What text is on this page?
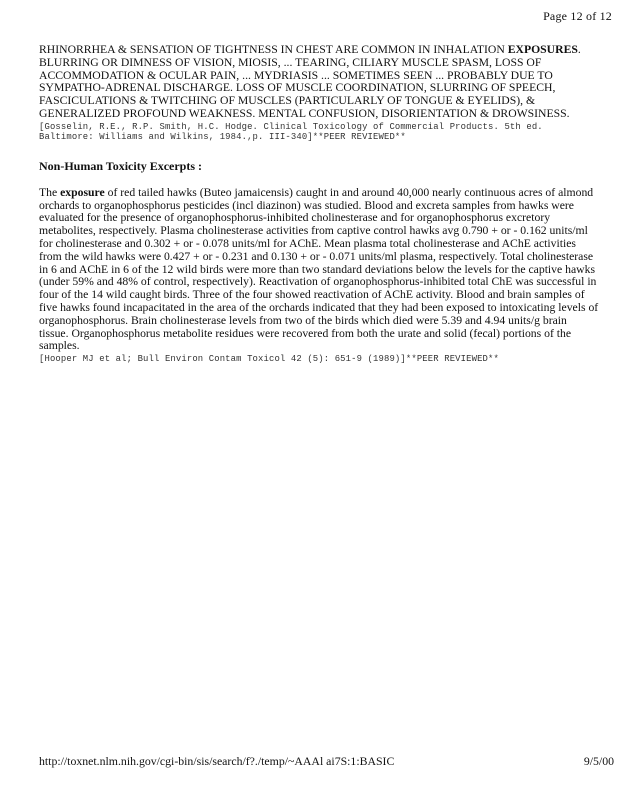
Page 12 of 12

RHINORRHEA & SENSATION OF TIGHTNESS IN CHEST ARE COMMON IN INHALATION EXPOSURES. BLURRING OR DIMNESS OF VISION, MIOSIS, ... TEARING, CILIARY MUSCLE SPASM, LOSS OF ACCOMMODATION & OCULAR PAIN, ... MYDRIASIS ... SOMETIMES SEEN ... PROBABLY DUE TO SYMPATHO-ADRENAL DISCHARGE. LOSS OF MUSCLE COORDINATION, SLURRING OF SPEECH, FASCICULATIONS & TWITCHING OF MUSCLES (PARTICULARLY OF TONGUE & EYELIDS), & GENERALIZED PROFOUND WEAKNESS. MENTAL CONFUSION, DISORIENTATION & DROWSINESS.

[Gosselin, R.E., R.P. Smith, H.C. Hodge. Clinical Toxicology of Commercial Products. 5th ed. Baltimore: Williams and Wilkins, 1984.,p. III-340]**PEER REVIEWED**

Non-Human Toxicity Excerpts :

The exposure of red tailed hawks (Buteo jamaicensis) caught in and around 40,000 nearly continuous acres of almond orchards to organophosphorus pesticides (incl diazinon) was studied. Blood and excreta samples from hawks were evaluated for the presence of organophosphorus-inhibited cholinesterase and for organophosphorus excretory metabolites, respectively. Plasma cholinesterase activities from captive control hawks avg 0.790 + or - 0.162 units/ml for cholinesterase and 0.302 + or - 0.078 units/ml for AChE. Mean plasma total cholinesterase and AChE activities from the wild hawks were 0.427 + or - 0.231 and 0.130 + or - 0.071 units/ml plasma, respectively. Total cholinesterase in 6 and AChE in 6 of the 12 wild birds were more than two standard deviations below the levels for the captive hawks (under 59% and 48% of control, respectively). Reactivation of organophosphorus-inhibited total ChE was successful in four of the 14 wild caught birds. Three of the four showed reactivation of AChE activity. Blood and brain samples of five hawks found incapacitated in the area of the orchards indicated that they had been exposed to intoxicating levels of organophosphorus. Brain cholinesterase levels from two of the birds which died were 5.39 and 4.94 units/g brain tissue. Organophosphorus metabolite residues were recovered from both the urate and solid (fecal) portions of the samples.

[Hooper MJ et al; Bull Environ Contam Toxicol 42 (5): 651-9 (1989)]**PEER REVIEWED**

http://toxnet.nlm.nih.gov/cgi-bin/sis/search/f?./temp/~AAAl ai7S:1:BASIC	9/5/00
